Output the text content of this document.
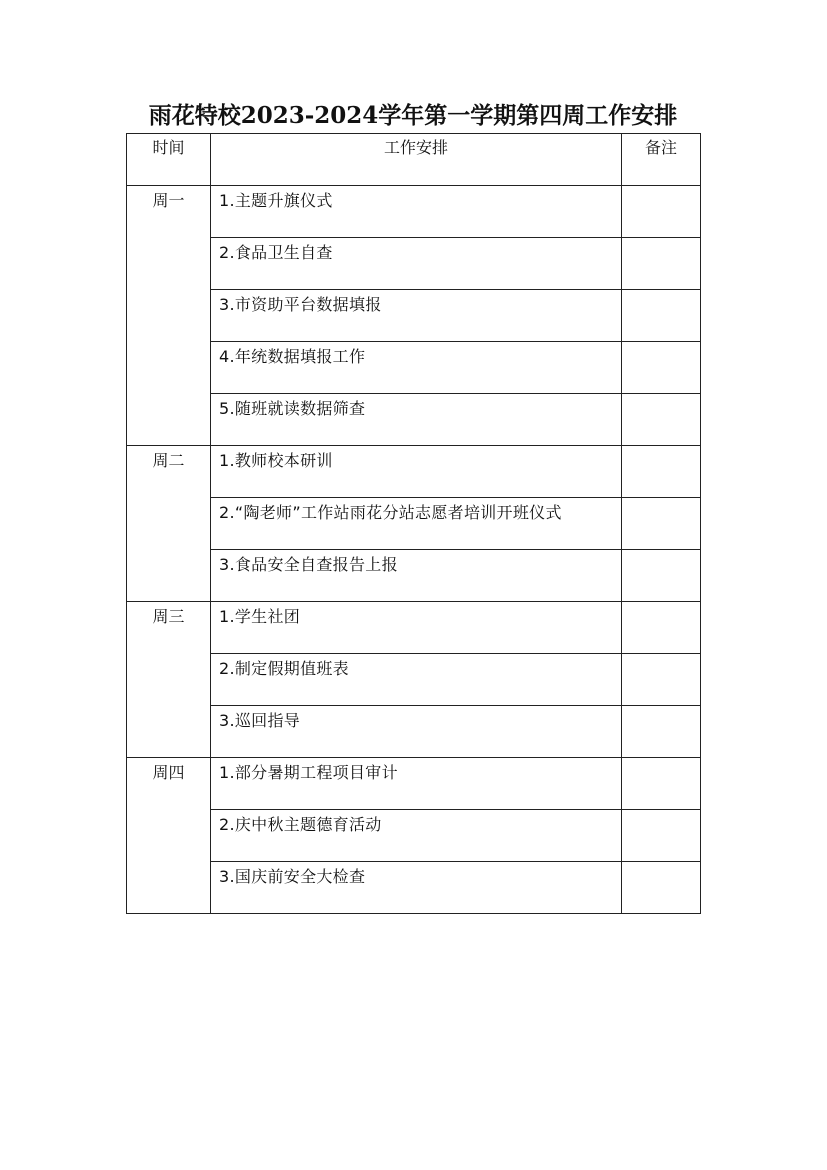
雨花特校2023-2024学年第一学期第四周工作安排
时间	工作安排	备注
周一	1.主题升旗仪式	
	2.食品卫生自查	
	3.市资助平台数据填报	
	4.年统数据填报工作	
	5.随班就读数据筛查	
周二	1.教师校本研训	
	2.“陶老师”工作站雨花分站志愿者培训开班仪式	
	3.食品安全自查报告上报	
周三	1.学生社团	
	2.制定假期值班表	
	3.巡回指导	
周四	1.部分暑期工程项目审计	
	2.庆中秋主题德育活动	
	3.国庆前安全大检查	
